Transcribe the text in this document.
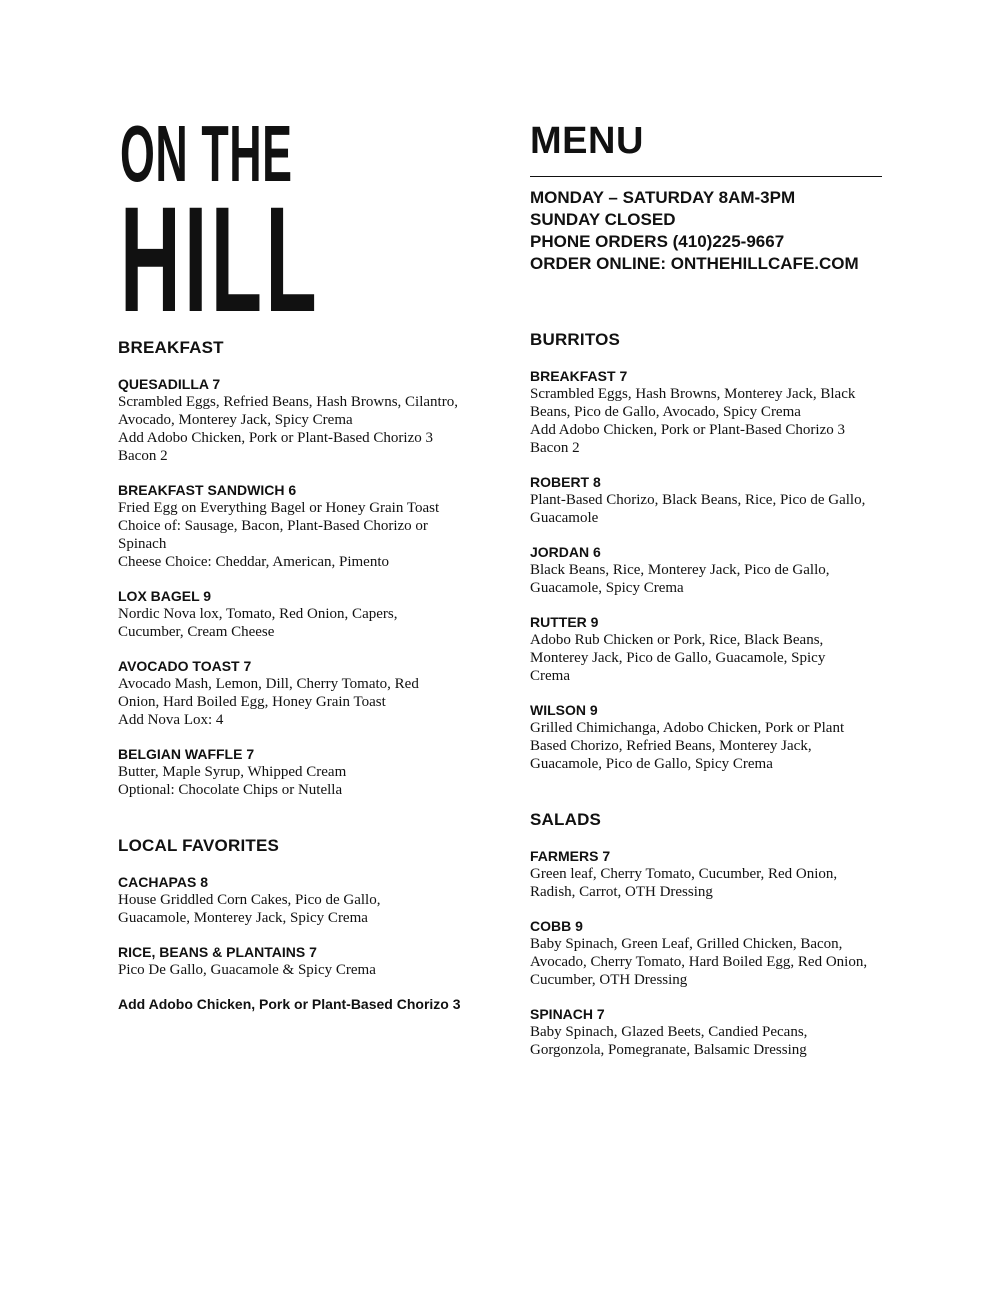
ON THE
HILL
MENU

MONDAY – SATURDAY 8AM-3PM

SUNDAY CLOSED

PHONE ORDERS (410)225-9667

ORDER ONLINE: ONTHEHILLCAFE.COM

BREAKFAST

QUESADILLA 7

Scrambled Eggs, Refried Beans, Hash Browns, Cilantro,

Avocado, Monterey Jack, Spicy Crema

Add Adobo Chicken, Pork or Plant-Based Chorizo 3

Bacon 2

BREAKFAST SANDWICH 6

Fried Egg on Everything Bagel or Honey Grain Toast

Choice of: Sausage, Bacon, Plant-Based Chorizo or

Spinach

Cheese Choice: Cheddar, American, Pimento

LOX BAGEL 9

Nordic Nova lox, Tomato, Red Onion, Capers,

Cucumber, Cream Cheese

AVOCADO TOAST 7

Avocado Mash, Lemon, Dill, Cherry Tomato, Red

Onion, Hard Boiled Egg, Honey Grain Toast

Add Nova Lox: 4

BELGIAN WAFFLE 7

Butter, Maple Syrup, Whipped Cream

Optional: Chocolate Chips or Nutella

LOCAL FAVORITES

CACHAPAS 8

House Griddled Corn Cakes, Pico de Gallo,

Guacamole, Monterey Jack, Spicy Crema

RICE, BEANS & PLANTAINS 7

Pico De Gallo, Guacamole & Spicy Crema

Add Adobo Chicken, Pork or Plant-Based Chorizo 3

BURRITOS

BREAKFAST 7

Scrambled Eggs, Hash Browns, Monterey Jack, Black

Beans, Pico de Gallo, Avocado, Spicy Crema

Add Adobo Chicken, Pork or Plant-Based Chorizo 3

Bacon 2

ROBERT 8

Plant-Based Chorizo, Black Beans, Rice, Pico de Gallo,

Guacamole

JORDAN 6

Black Beans, Rice, Monterey Jack, Pico de Gallo,

Guacamole, Spicy Crema

RUTTER 9

Adobo Rub Chicken or Pork, Rice, Black Beans,

Monterey Jack, Pico de Gallo, Guacamole, Spicy

Crema

WILSON 9

Grilled Chimichanga, Adobo Chicken, Pork or Plant

Based Chorizo, Refried Beans, Monterey Jack,

Guacamole, Pico de Gallo, Spicy Crema

SALADS

FARMERS 7

Green leaf, Cherry Tomato, Cucumber, Red Onion,

Radish, Carrot, OTH Dressing

COBB 9

Baby Spinach, Green Leaf, Grilled Chicken, Bacon,

Avocado, Cherry Tomato, Hard Boiled Egg, Red Onion,

Cucumber, OTH Dressing

SPINACH 7

Baby Spinach, Glazed Beets, Candied Pecans,

Gorgonzola, Pomegranate, Balsamic Dressing
